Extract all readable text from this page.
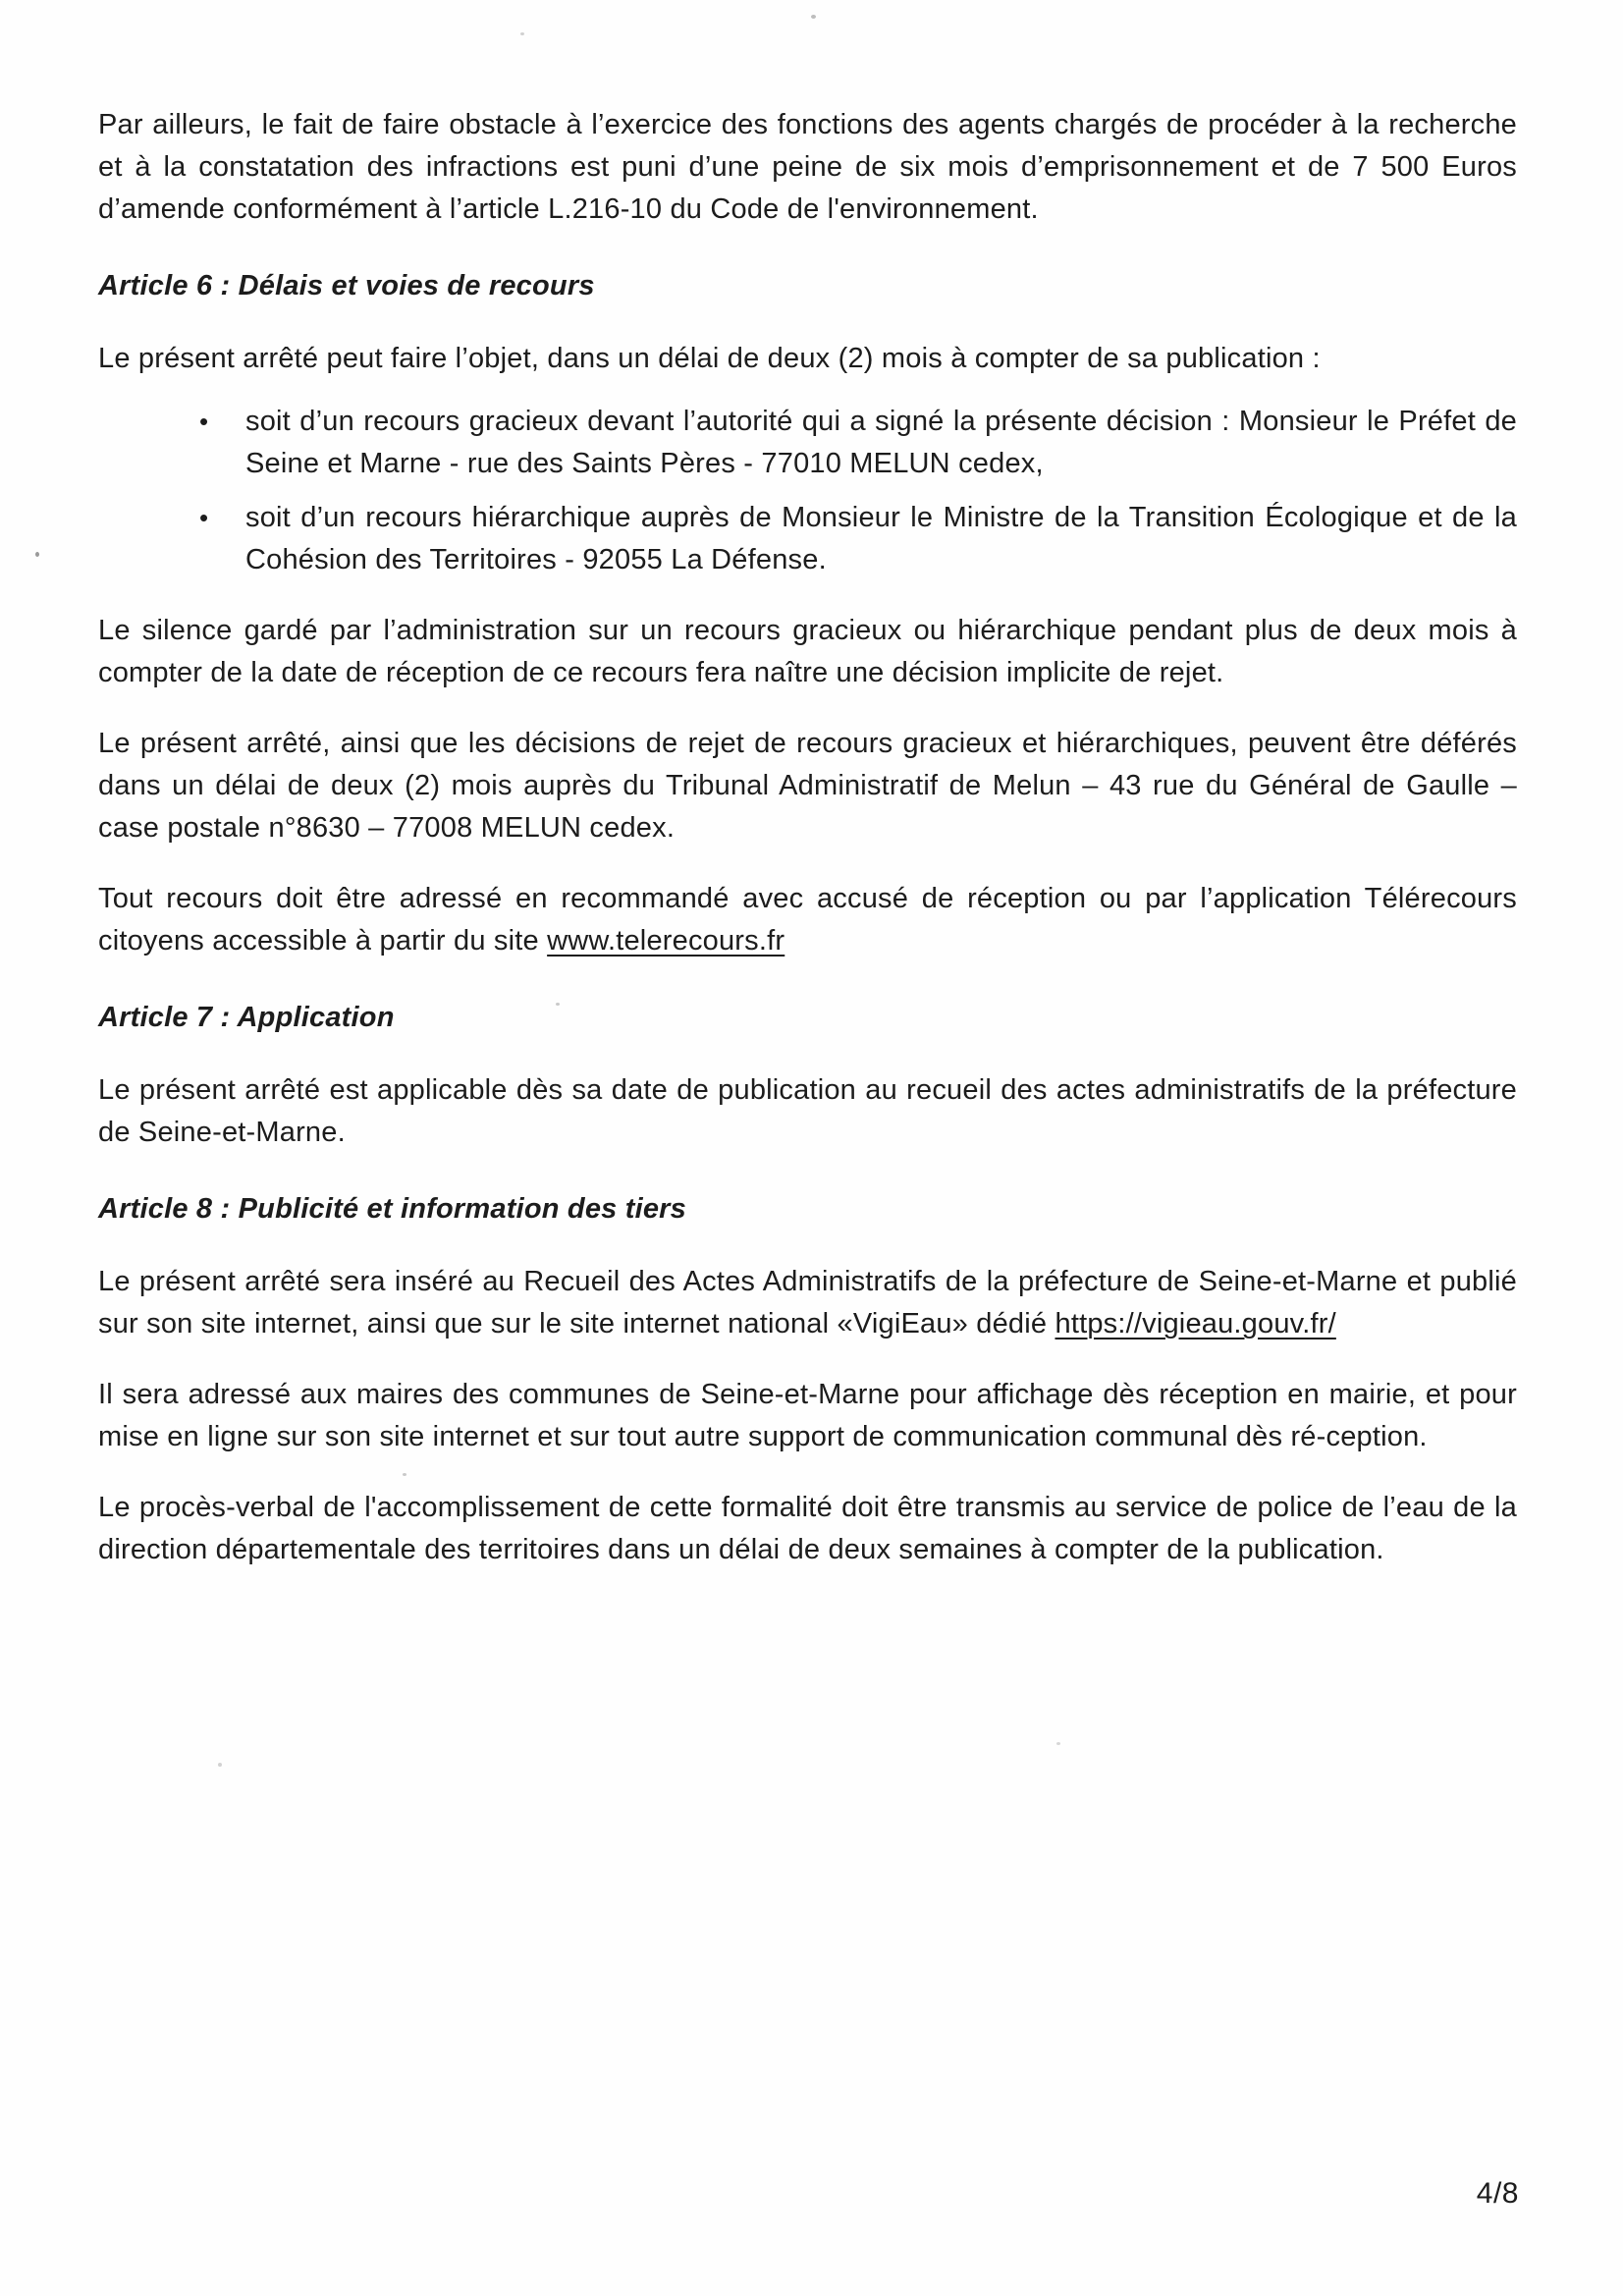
Par ailleurs, le fait de faire obstacle à l’exercice des fonctions des agents chargés de procéder à la recherche et à la constatation des infractions est puni d’une peine de six mois d’emprisonnement et de 7 500 Euros d’amende conformément à l’article L.216-10 du Code de l'environnement.

Article 6 : Délais et voies de recours

Le présent arrêté peut faire l’objet, dans un délai de deux (2) mois à compter de sa publication :

• soit d’un recours gracieux devant l’autorité qui a signé la présente décision : Monsieur le Préfet de Seine et Marne - rue des Saints Pères - 77010 MELUN cedex,
• soit d’un recours hiérarchique auprès de Monsieur le Ministre de la Transition Écologique et de la Cohésion des Territoires - 92055 La Défense.

Le silence gardé par l’administration sur un recours gracieux ou hiérarchique pendant plus de deux mois à compter de la date de réception de ce recours fera naître une décision implicite de rejet.

Le présent arrêté, ainsi que les décisions de rejet de recours gracieux et hiérarchiques, peuvent être déférés dans un délai de deux (2) mois auprès du Tribunal Administratif de Melun – 43 rue du Général de Gaulle – case postale n°8630 – 77008 MELUN cedex.

Tout recours doit être adressé en recommandé avec accusé de réception ou par l’application Télérecours citoyens accessible à partir du site www.telerecours.fr

Article 7 : Application

Le présent arrêté est applicable dès sa date de publication au recueil des actes administratifs de la préfecture de Seine-et-Marne.

Article 8 : Publicité et information des tiers

Le présent arrêté sera inséré au Recueil des Actes Administratifs de la préfecture de Seine-et-Marne et publié sur son site internet, ainsi que sur le site internet national «VigiEau» dédié https://vigieau.gouv.fr/

Il sera adressé aux maires des communes de Seine-et-Marne pour affichage dès réception en mairie, et pour mise en ligne sur son site internet et sur tout autre support de communication communal dès ré-ception.

Le procès-verbal de l'accomplissement de cette formalité doit être transmis au service de police de l’eau de la direction départementale des territoires dans un délai de deux semaines à compter de la publication.

4/8
